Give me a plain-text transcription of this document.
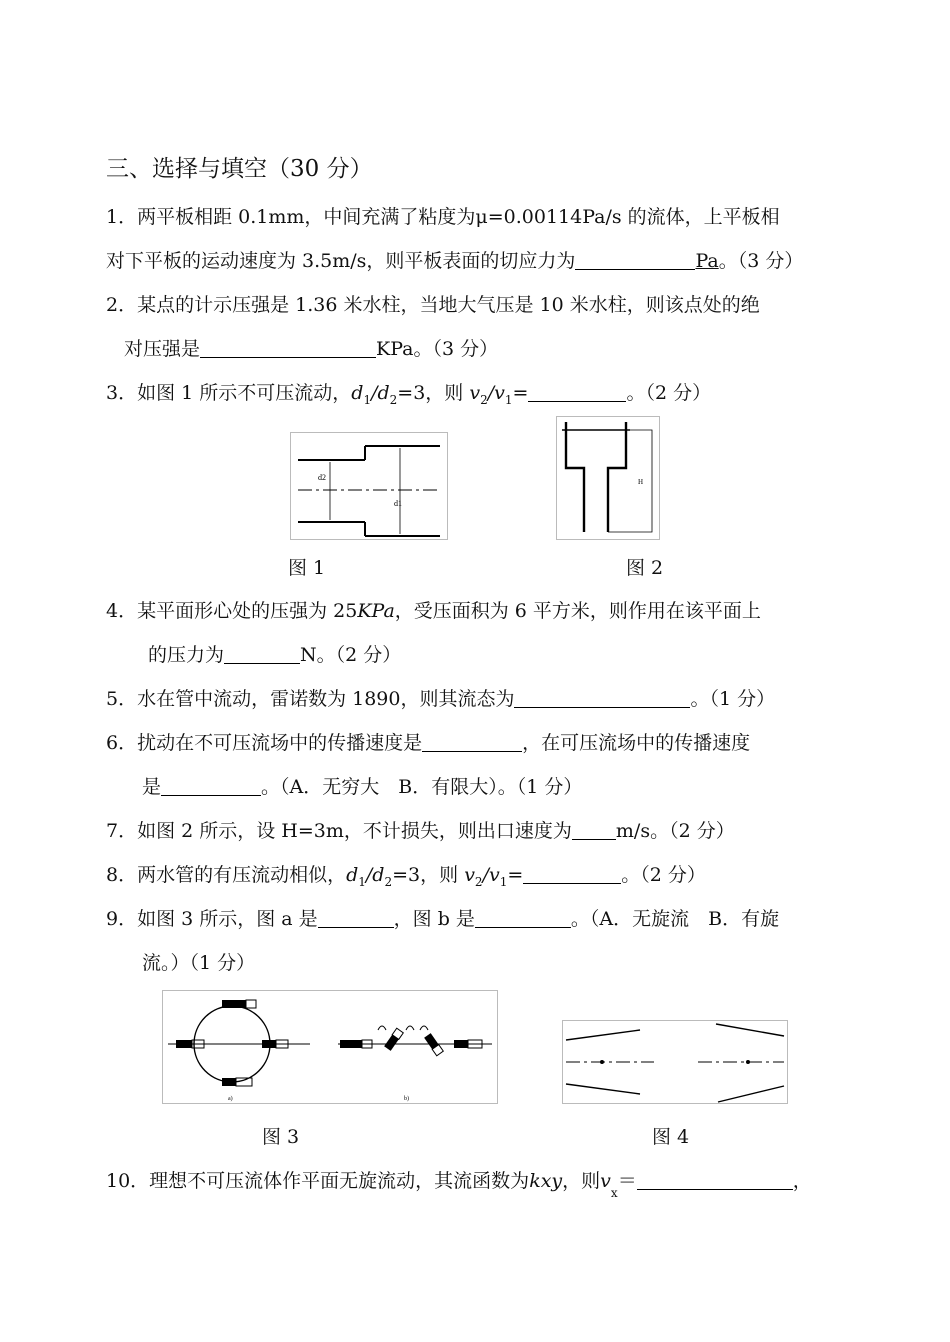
三、选择与填空（30 分）
1．两平板相距 0.1mm，中间充满了粘度为μ=0.00114Pa/s 的流体，上平板相
对下平板的运动速度为 3.5m/s，则平板表面的切应力为	Pa。（3 分）
2．某点的计示压强是 1.36 米水柱，当地大气压是 10 米水柱，则该点处的绝
对压强是	KPa。（3 分）
3．如图 1 所示不可压流动，$d_1/d_2=3$，则 $v_2/v_1=$	。（2 分）
d2
d1
图 1
H
图 2
4．某平面形心处的压强为 25KPa，受压面积为 6 平方米，则作用在该平面上
的压力为	N。（2 分）
5．水在管中流动，雷诺数为 1890，则其流态为	。（1 分）
6．扰动在不可压流场中的传播速度是	，在可压流场中的传播速度
是	。（A．无穷大　B．有限大）。（1 分）
7．如图 2 所示，设 H=3m，不计损失，则出口速度为 m/s。（2 分）
8．两水管的有压流动相似，$d_1/d_2=3$，则 $v_2/v_1=$	。（2 分）
9．如图 3 所示，图 a 是	，图 b 是	。（A．无旋流　B．有旋
流。）（1 分）
a)	b)
图 3	图 4
10．理想不可压流体作平面无旋流动，其流函数为kxy，则$v_x=$	，
